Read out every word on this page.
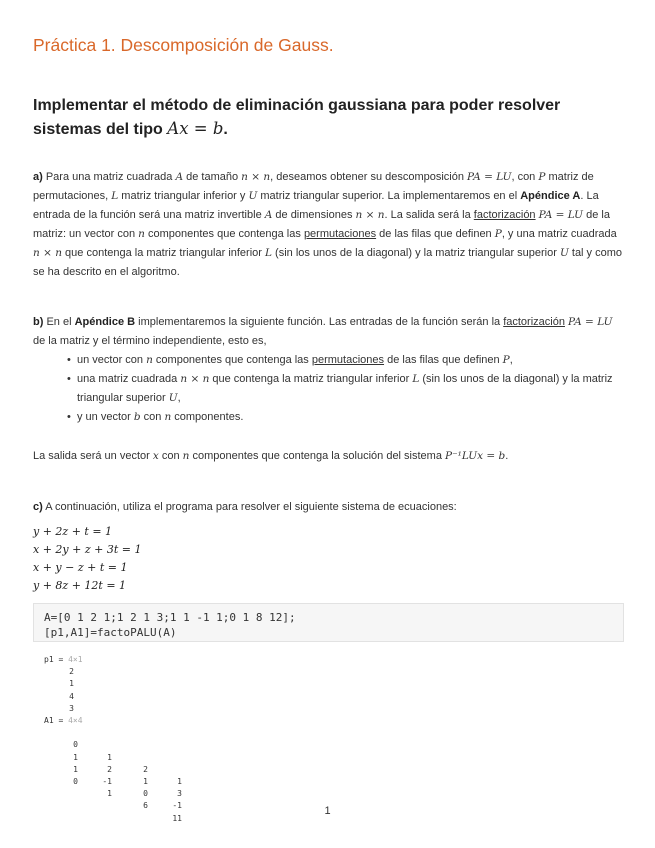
Práctica 1. Descomposición de Gauss.
Implementar el método de eliminación gaussiana para poder resolver sistemas del tipo Ax = b.
a) Para una matriz cuadrada A de tamaño n × n, deseamos obtener su descomposición PA = LU, con P matriz de permutaciones, L matriz triangular inferior y U matriz triangular superior. La implementaremos en el Apéndice A. La entrada de la función será una matriz invertible A de dimensiones n × n. La salida será la factorización PA = LU de la matriz: un vector con n componentes que contenga las permutaciones de las filas que definen P, y una matriz cuadrada n × n que contenga la matriz triangular inferior L (sin los unos de la diagonal) y la matriz triangular superior U tal y como se ha descrito en el algoritmo.
b) En el Apéndice B implementaremos la siguiente función. Las entradas de la función serán la factorización PA = LU de la matriz y el término independiente, esto es,
• un vector con n componentes que contenga las permutaciones de las filas que definen P,
• una matriz cuadrada n × n que contenga la matriz triangular inferior L (sin los unos de la diagonal) y la matriz triangular superior U,
• y un vector b con n componentes.
La salida será un vector x con n componentes que contenga la solución del sistema P⁻¹LUx = b.
c) A continuación, utiliza el programa para resolver el siguiente sistema de ecuaciones:
y + 2z + t = 1
x + 2y + z + 3t = 1
x + y − z + t = 1
y + 8z + 12t = 1
A=[0 1 2 1;1 2 1 3;1 1 -1 1;0 1 8 12];
[p1,A1]=factoPALU(A)
p1 = 4×1
2
1
4
3
A1 = 4×4

0

1

2

1

1

2

1

3

1

-1

0

-1

0

1

6

11

1
